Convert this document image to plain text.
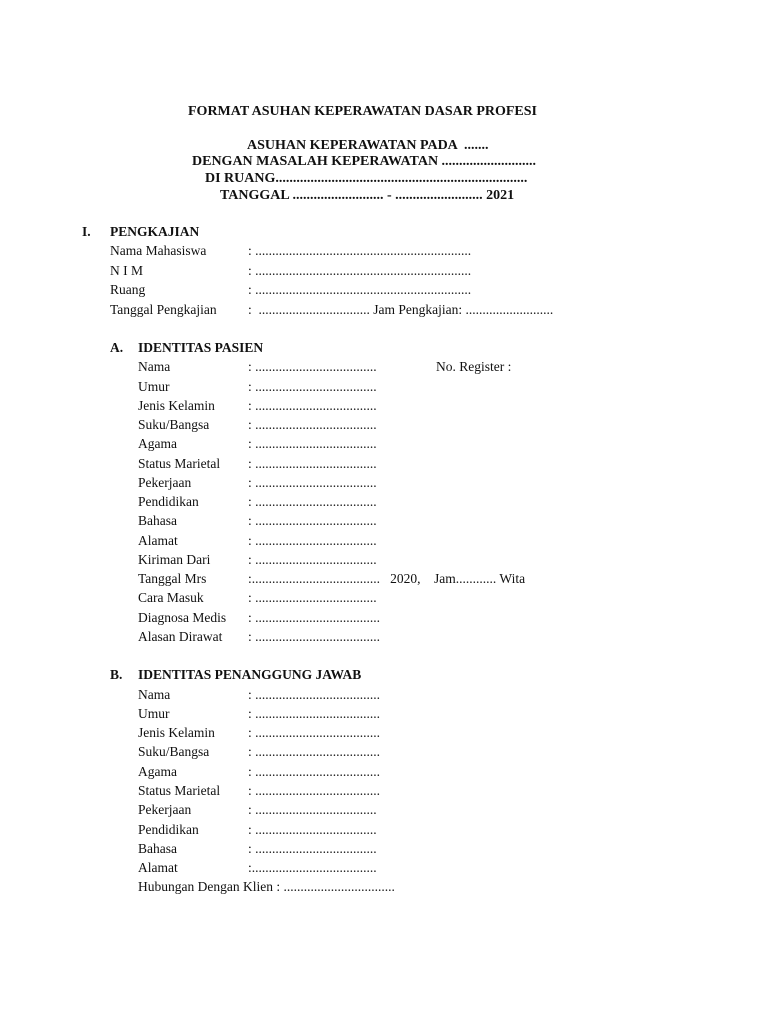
FORMAT ASUHAN KEPERAWATAN DASAR PROFESI
ASUHAN KEPERAWATAN PADA  .......
DENGAN MASALAH KEPERAWATAN ...........................
DI RUANG........................................................................
TANGGAL .......................... - ......................... 2021
I. PENGKAJIAN
Nama Mahasiswa	: ................................................................
N I M	: ................................................................
Ruang	: ................................................................
Tanggal Pengkajian :  ................................. Jam Pengkajian: ..........................
A. IDENTITAS PASIEN
No. Register :
Nama	: ....................................
Umur	: ....................................
Jenis Kelamin : ....................................
Suku/Bangsa	: ....................................
Agama	: ....................................
Status Marietal : ....................................
Pekerjaan	: ....................................
Pendidikan	: ....................................
Bahasa	: ....................................
Alamat	: ....................................
Kiriman Dari	: ....................................
Tanggal Mrs	:......................................   2020,    Jam............ Wita
Cara Masuk	: ....................................
Diagnosa Medis : .....................................
Alasan Dirawat : .....................................
B. IDENTITAS PENANGGUNG JAWAB
Nama	: .....................................
Umur	: .....................................
Jenis Kelamin : .....................................
Suku/Bangsa	: .....................................
Agama	: .....................................
Status Marietal : .....................................
Pekerjaan	: ....................................
Pendidikan	: ....................................
Bahasa	: ....................................
Alamat	:.....................................
Hubungan Dengan Klien : .................................
